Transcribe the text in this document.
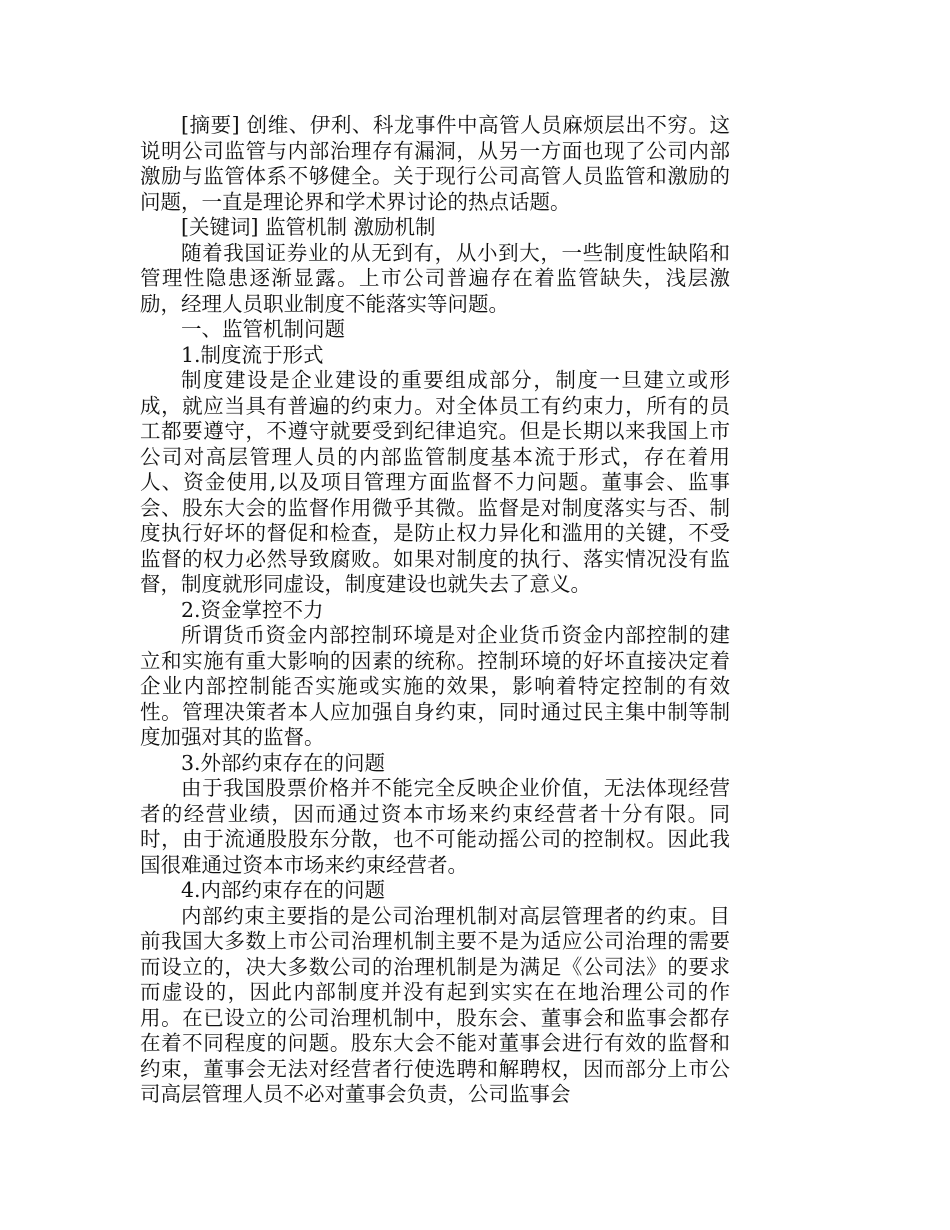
[摘要] 创维、伊利、科龙事件中高管人员麻烦层出不穷。这说明公司监管与内部治理存有漏洞，从另一方面也现了公司内部激励与监管体系不够健全。关于现行公司高管人员监管和激励的问题，一直是理论界和学术界讨论的热点话题。

[关键词] 监管机制 激励机制

随着我国证券业的从无到有，从小到大，一些制度性缺陷和管理性隐患逐渐显露。上市公司普遍存在着监管缺失，浅层激励，经理人员职业制度不能落实等问题。

一、监管机制问题

1.制度流于形式

制度建设是企业建设的重要组成部分，制度一旦建立或形成，就应当具有普遍的约束力。对全体员工有约束力，所有的员工都要遵守，不遵守就要受到纪律追究。但是长期以来我国上市公司对高层管理人员的内部监管制度基本流于形式，存在着用人、资金使用,以及项目管理方面监督不力问题。董事会、监事会、股东大会的监督作用微乎其微。监督是对制度落实与否、制度执行好坏的督促和检查，是防止权力异化和滥用的关键，不受监督的权力必然导致腐败。如果对制度的执行、落实情况没有监督，制度就形同虚设，制度建设也就失去了意义。

2.资金掌控不力

所谓货币资金内部控制环境是对企业货币资金内部控制的建立和实施有重大影响的因素的统称。控制环境的好坏直接决定着企业内部控制能否实施或实施的效果，影响着特定控制的有效性。管理决策者本人应加强自身约束，同时通过民主集中制等制度加强对其的监督。

3.外部约束存在的问题

由于我国股票价格并不能完全反映企业价值，无法体现经营者的经营业绩，因而通过资本市场来约束经营者十分有限。同时，由于流通股股东分散，也不可能动摇公司的控制权。因此我国很难通过资本市场来约束经营者。

4.内部约束存在的问题

内部约束主要指的是公司治理机制对高层管理者的约束。目前我国大多数上市公司治理机制主要不是为适应公司治理的需要而设立的，决大多数公司的治理机制是为满足《公司法》的要求而虚设的，因此内部制度并没有起到实实在在地治理公司的作用。在已设立的公司治理机制中，股东会、董事会和监事会都存在着不同程度的问题。股东大会不能对董事会进行有效的监督和约束，董事会无法对经营者行使选聘和解聘权，因而部分上市公司高层管理人员不必对董事会负责，公司监事会
